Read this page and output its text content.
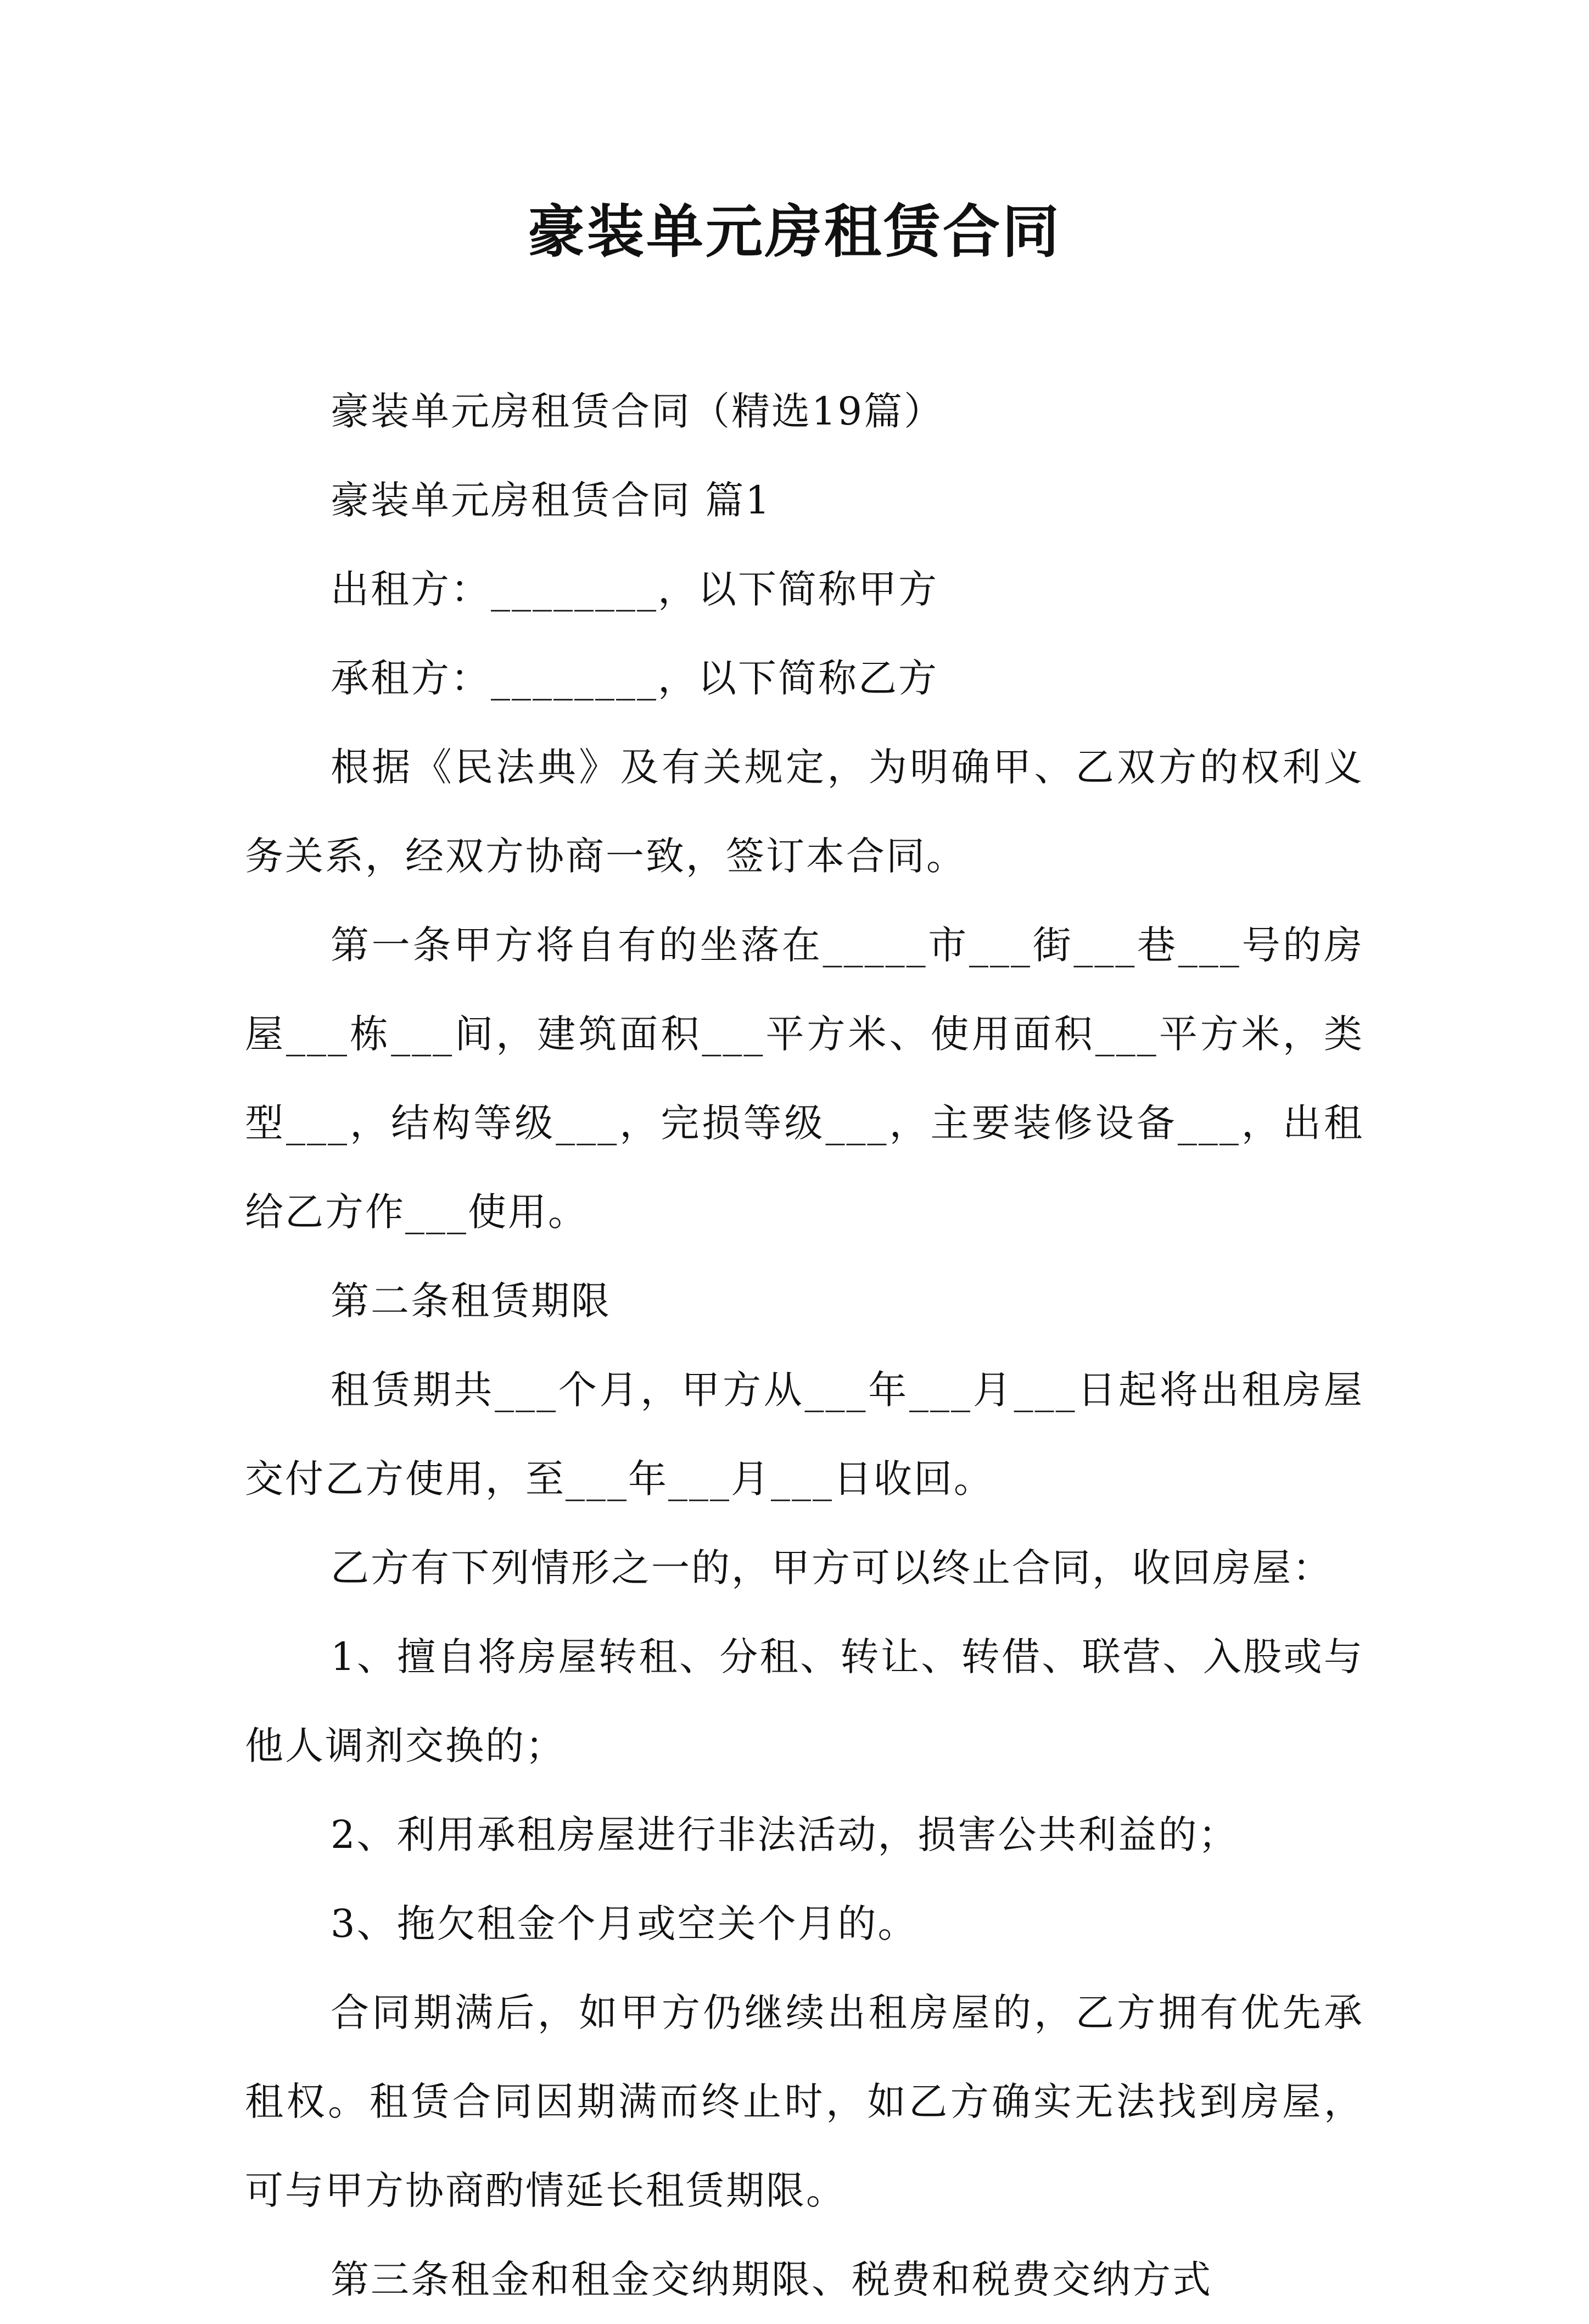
豪装单元房租赁合同

豪装单元房租赁合同（精选19篇）

豪装单元房租赁合同 篇1

出租方：________，以下简称甲方

承租方：________，以下简称乙方

根据《民法典》及有关规定，为明确甲、乙双方的权利义务关系，经双方协商一致，签订本合同。

第一条甲方将自有的坐落在_____市___街___巷___号的房屋___栋___间，建筑面积___平方米、使用面积___平方米，类型___，结构等级___，完损等级___，主要装修设备___，出租给乙方作___使用。

第二条租赁期限

租赁期共___个月，甲方从___年___月___日起将出租房屋交付乙方使用，至___年___月___日收回。

乙方有下列情形之一的，甲方可以终止合同，收回房屋：

1、擅自将房屋转租、分租、转让、转借、联营、入股或与他人调剂交换的；

2、利用承租房屋进行非法活动，损害公共利益的；

3、拖欠租金个月或空关个月的。

合同期满后，如甲方仍继续出租房屋的，乙方拥有优先承租权。租赁合同因期满而终止时，如乙方确实无法找到房屋，可与甲方协商酌情延长租赁期限。

第三条租金和租金交纳期限、税费和税费交纳方式
